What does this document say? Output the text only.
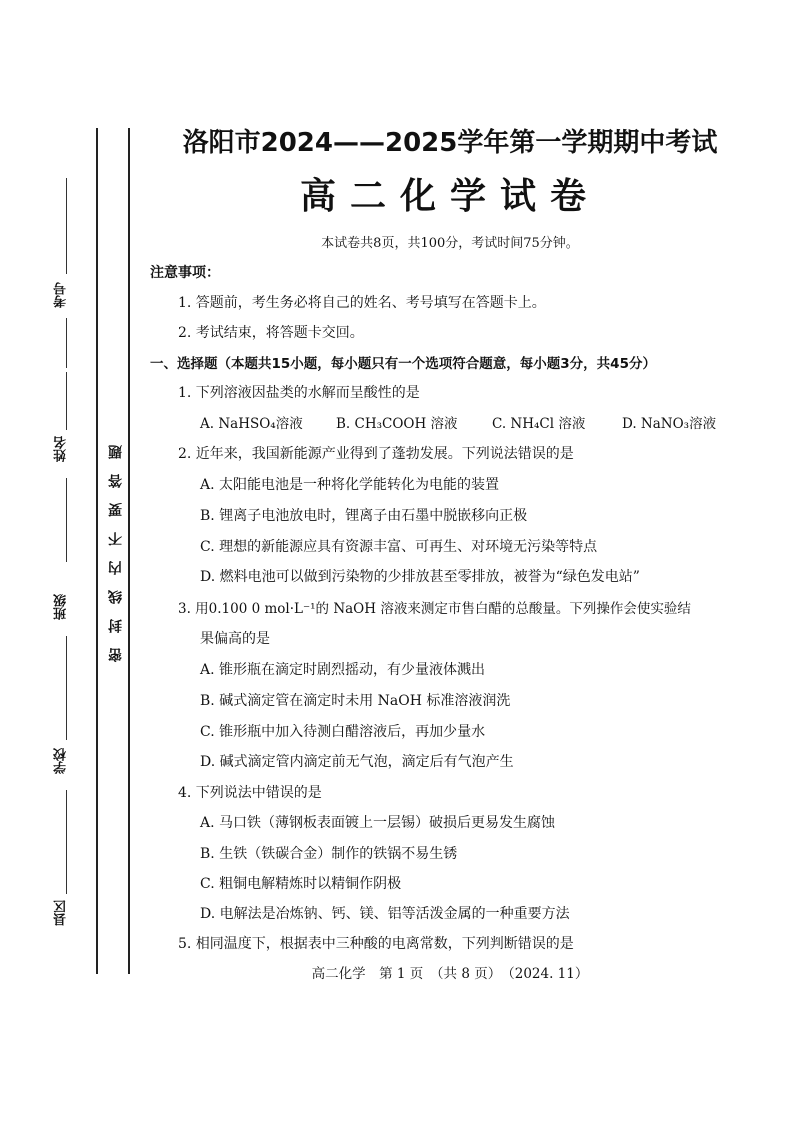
考号
姓名
班级
学校
县区
密封线内不要答题
洛阳市2024——2025学年第一学期期中考试
高二化学试卷
本试卷共8页，共100分，考试时间75分钟。
注意事项：
1. 答题前，考生务必将自己的姓名、考号填写在答题卡上。
2. 考试结束，将答题卡交回。
一、选择题（本题共15小题，每小题只有一个选项符合题意，每小题3分，共45分）
1. 下列溶液因盐类的水解而呈酸性的是
A. NaHSO₄溶液 B. CH₃COOH 溶液	C. NH₄Cl 溶液	D. NaNO₃溶液
2. 近年来，我国新能源产业得到了蓬勃发展。下列说法错误的是
A. 太阳能电池是一种将化学能转化为电能的装置
B. 锂离子电池放电时，锂离子由石墨中脱嵌移向正极
C. 理想的新能源应具有资源丰富、可再生、对环境无污染等特点
D. 燃料电池可以做到污染物的少排放甚至零排放，被誉为“绿色发电站”
3. 用0.100 0 mol·L⁻¹的 NaOH 溶液来测定市售白醋的总酸量。下列操作会使实验结
果偏高的是
A. 锥形瓶在滴定时剧烈摇动，有少量液体溅出
B. 碱式滴定管在滴定时未用 NaOH 标准溶液润洗
C. 锥形瓶中加入待测白醋溶液后，再加少量水
D. 碱式滴定管内滴定前无气泡，滴定后有气泡产生
4. 下列说法中错误的是
A. 马口铁（薄钢板表面镀上一层锡）破损后更易发生腐蚀
B. 生铁（铁碳合金）制作的铁锅不易生锈
C. 粗铜电解精炼时以精铜作阴极
D. 电解法是冶炼钠、钙、镁、铝等活泼金属的一种重要方法
5. 相同温度下，根据表中三种酸的电离常数，下列判断错误的是
高二化学　第 1 页　（共 8 页）　（2024. 11）
